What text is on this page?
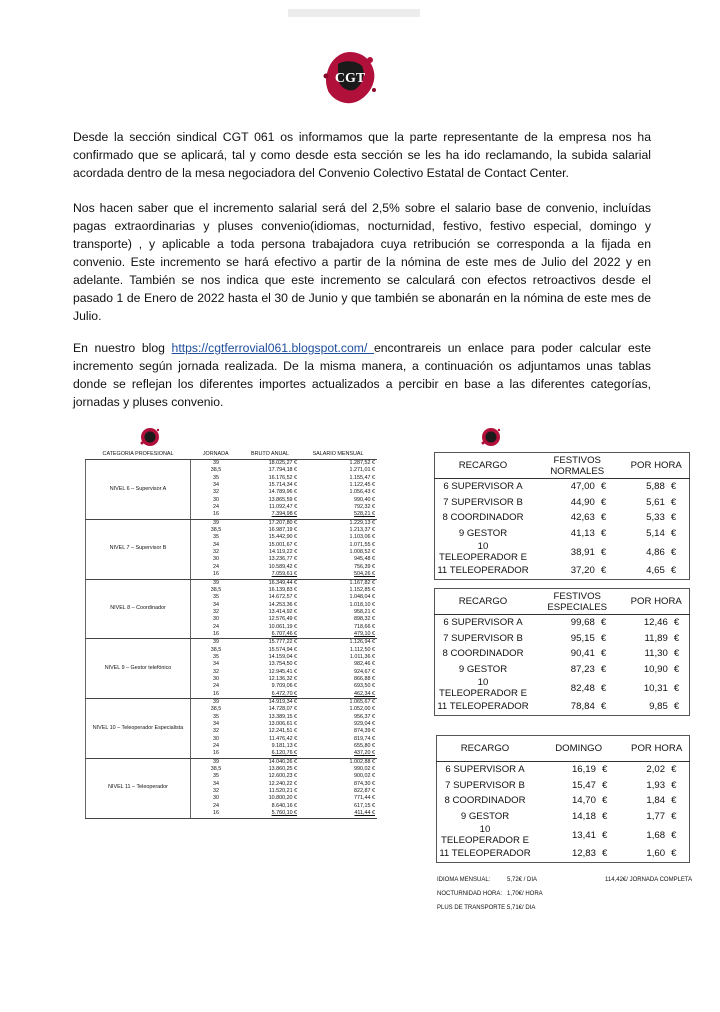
CGT

Desde la sección sindical CGT 061 os informamos que la parte representante de la empresa nos ha confirmado que se aplicará, tal y como desde esta sección se les ha ido reclamando, la subida salarial acordada dentro de la mesa negociadora del Convenio Colectivo Estatal de Contact Center.

Nos hacen saber que el incremento salarial será del 2,5% sobre el salario base de convenio, incluídas pagas extraordinarias y pluses convenio(idiomas, nocturnidad, festivo, festivo especial, domingo y transporte) , y aplicable a toda persona trabajadora cuya retribución se corresponda a la fijada en convenio. Este incremento se hará efectivo a partir de la nómina de este mes de Julio del 2022 y en adelante. También se nos indica que este incremento se calculará con efectos retroactivos desde el pasado 1 de Enero de 2022 hasta el 30 de Junio y que también se abonarán en la nómina de este mes de Julio.

En nuestro blog https://cgtferrovial061.blogspot.com/ encontrareis un enlace para poder calcular este incremento según jornada realizada. De la misma manera, a continuación os adjuntamos unas tablas donde se reflejan los diferentes importes actualizados a percibir en base a las diferentes categorías, jornadas y pluses convenio.

CATEGORIA PROFESIONAL	JORNADA	BRUTO ANUAL	SALARIO MENSUAL
NIVEL 6 – Supervisor A	39	18.025,27 €	1.287,52 €
	38,5	17.794,18 €	1.271,01 €
	35	16.176,52 €	1.155,47 €
	34	15.714,34 €	1.122,45 €
	32	14.789,96 €	1.056,43 €
	30	13.865,59 €	990,40 €
	24	11.092,47 €	792,32 €
	16	7.394,98 €	528,21 €
NIVEL 7 – Supervisor B	39	17.207,80 €	1.229,13 €
	38,5	16.987,19 €	1.213,37 €
	35	15.442,90 €	1.103,06 €
	34	15.001,67 €	1.071,55 €
	32	14.119,22 €	1.008,52 €
	30	13.236,77 €	945,48 €
	24	10.589,42 €	756,39 €
	16	7.059,61 €	504,26 €
NIVEL 8 – Coordinador	39	16.349,44 €	1.167,82 €
	38,5	16.139,83 €	1.152,85 €
	35	14.672,57 €	1.048,04 €
	34	14.253,36 €	1.018,10 €
	32	13.414,92 €	958,21 €
	30	12.576,49 €	898,32 €
	24	10.061,19 €	718,66 €
	16	6.707,46 €	479,10 €
NIVEL 9 – Gestor telefónico	39	15.777,22 €	1.126,94 €
	38,5	15.574,94 €	1.112,50 €
	35	14.159,04 €	1.011,36 €
	34	13.754,50 €	982,46 €
	32	12.945,41 €	924,67 €
	30	12.136,32 €	866,88 €
	24	9.709,06 €	693,50 €
	16	6.472,70 €	462,34 €
NIVEL 10 – Teleoperador Especialista	39	14.919,34 €	1.065,67 €
	38,5	14.728,07 €	1.052,00 €
	35	13.389,15 €	956,37 €
	34	13.006,61 €	929,04 €
	32	12.241,51 €	874,39 €
	30	11.476,42 €	819,74 €
	24	9.181,13 €	655,80 €
	16	6.120,76 €	437,20 €
NIVEL 11 – Teleoperador	39	14.040,26 €	1.002,88 €
	38,5	13.860,25 €	990,02 €
	35	12.600,23 €	900,02 €
	34	12.240,22 €	874,30 €
	32	11.520,21 €	822,87 €
	30	10.800,20 €	771,44 €
	24	8.640,16 €	617,15 €
	16	5.760,10 €	411,44 €
RECARGO	FESTIVOS NORMALES		POR HORA	
6 SUPERVISOR A	47,00	€	5,88	€
7 SUPERVISOR B	44,90	€	5,61	€
8 COORDINADOR	42,63	€	5,33	€
9 GESTOR	41,13	€	5,14	€
10 TELEOPERADOR E	38,91	€	4,86	€
11 TELEOPERADOR	37,20	€	4,65	€
RECARGO	FESTIVOS ESPECIALES		POR HORA	
6 SUPERVISOR A	99,68	€	12,46	€
7 SUPERVISOR B	95,15	€	11,89	€
8 COORDINADOR	90,41	€	11,30	€
9 GESTOR	87,23	€	10,90	€
10 TELEOPERADOR E	82,48	€	10,31	€
11 TELEOPERADOR	78,84	€	9,85	€
RECARGO	DOMINGO		POR HORA	
6 SUPERVISOR A	16,19	€	2,02	€
7 SUPERVISOR B	15,47	€	1,93	€
8 COORDINADOR	14,70	€	1,84	€
9 GESTOR	14,18	€	1,77	€
10 TELEOPERADOR E	13,41	€	1,68	€
11 TELEOPERADOR	12,83	€	1,60	€
IDIOMA MENSUAL:	5,72€ / DIA	114,42€/ JORNADA COMPLETA
NOCTURNIDAD HORA: 1,70€/ HORA
PLUS DE TRANSPORTE :
5,71€/ DIA
